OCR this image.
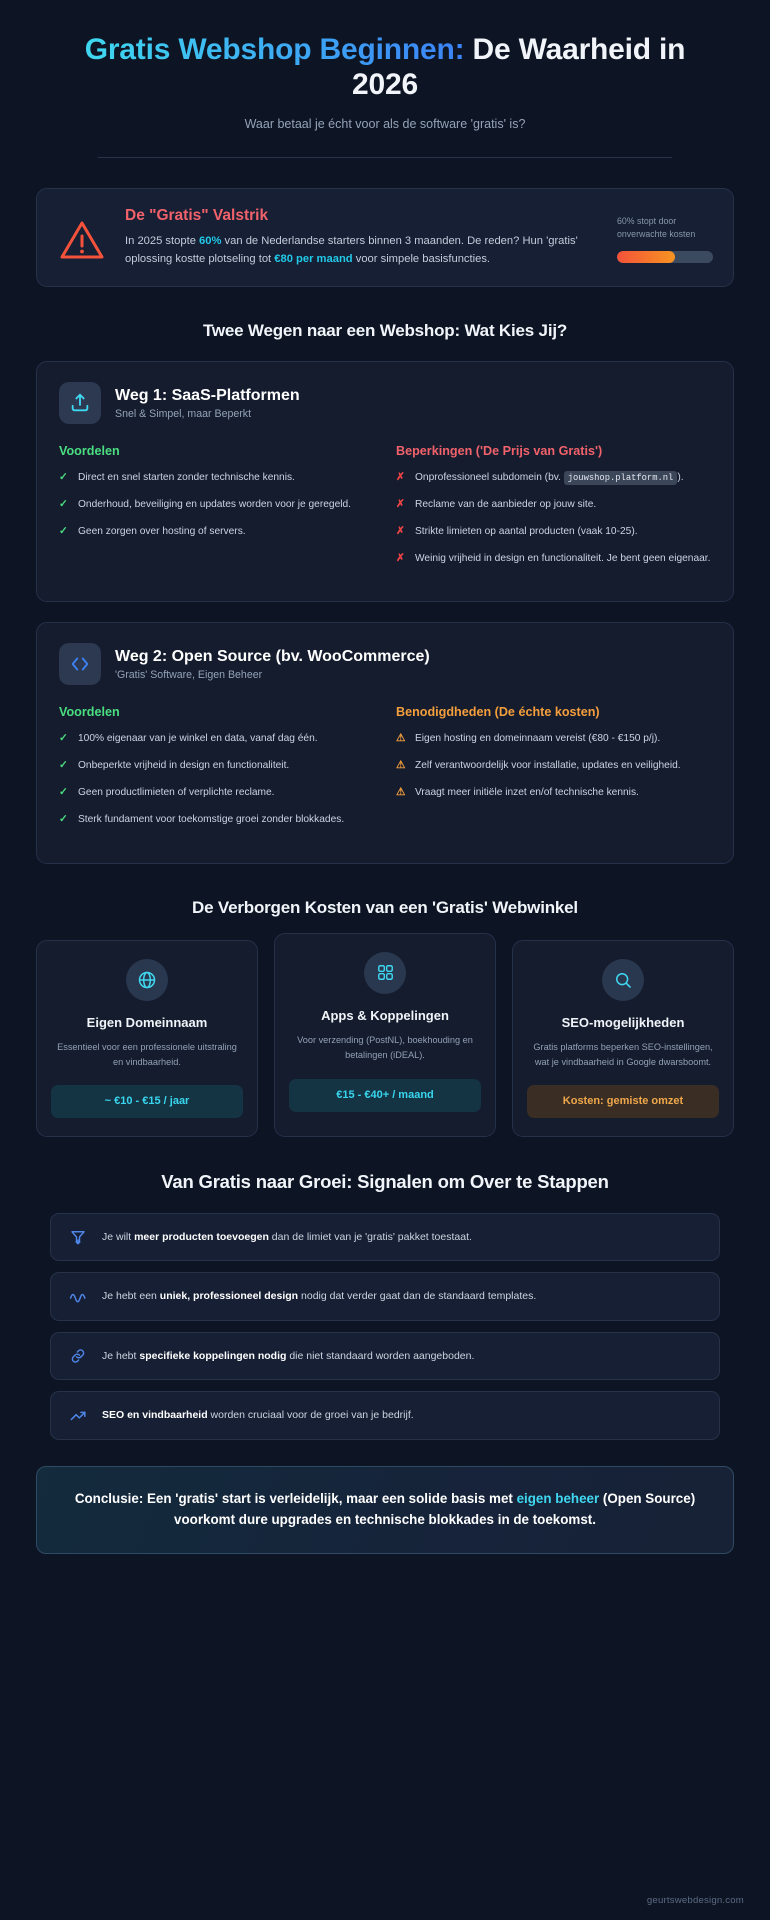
Gratis Webshop Beginnen: De Waarheid in 2026
Waar betaal je écht voor als de software 'gratis' is?
De "Gratis" Valstrik
In 2025 stopte 60% van de Nederlandse starters binnen 3 maanden. De reden? Hun 'gratis' oplossing kostte plotseling tot €80 per maand voor simpele basisfuncties.
60% stopt door onverwachte kosten
Twee Wegen naar een Webshop: Wat Kies Jij?
Weg 1: SaaS-Platformen
Snel & Simpel, maar Beperkt
Voordelen
✓ Direct en snel starten zonder technische kennis.
✓ Onderhoud, beveiliging en updates worden voor je geregeld.
✓ Geen zorgen over hosting of servers.
Beperkingen ('De Prijs van Gratis')
✗ Onprofessioneel subdomein (bv. jouwshop.platform.nl ).
✗ Reclame van de aanbieder op jouw site.
✗ Strikte limieten op aantal producten (vaak 10-25).
✗ Weinig vrijheid in design en functionaliteit. Je bent geen eigenaar.
Weg 2: Open Source (bv. WooCommerce)
'Gratis' Software, Eigen Beheer
Voordelen
✓ 100% eigenaar van je winkel en data, vanaf dag één.
✓ Onbeperkte vrijheid in design en functionaliteit.
✓ Geen productlimieten of verplichte reclame.
✓ Sterk fundament voor toekomstige groei zonder blokkades.
Benodigdheden (De échte kosten)
⚠ Eigen hosting en domeinnaam vereist (€80 - €150 p/j).
⚠ Zelf verantwoordelijk voor installatie, updates en veiligheid.
⚠ Vraagt meer initiële inzet en/of technische kennis.
De Verborgen Kosten van een 'Gratis' Webwinkel
Eigen Domeinnaam
Essentieel voor een professionele uitstraling en vindbaarheid.
~ €10 - €15 / jaar
Apps & Koppelingen
Voor verzending (PostNL), boekhouding en betalingen (iDEAL).
€15 - €40+ / maand
SEO-mogelijkheden
Gratis platforms beperken SEO-instellingen, wat je vindbaarheid in Google dwarsboomt.
Kosten: gemiste omzet
Van Gratis naar Groei: Signalen om Over te Stappen
Je wilt meer producten toevoegen dan de limiet van je 'gratis' pakket toestaat.
Je hebt een uniek, professioneel design nodig dat verder gaat dan de standaard templates.
Je hebt specifieke koppelingen nodig die niet standaard worden aangeboden.
SEO en vindbaarheid worden cruciaal voor de groei van je bedrijf.
Conclusie: Een 'gratis' start is verleidelijk, maar een solide basis met eigen beheer (Open Source) voorkomt dure upgrades en technische blokkades in de toekomst.
geurtswebdesign.com
